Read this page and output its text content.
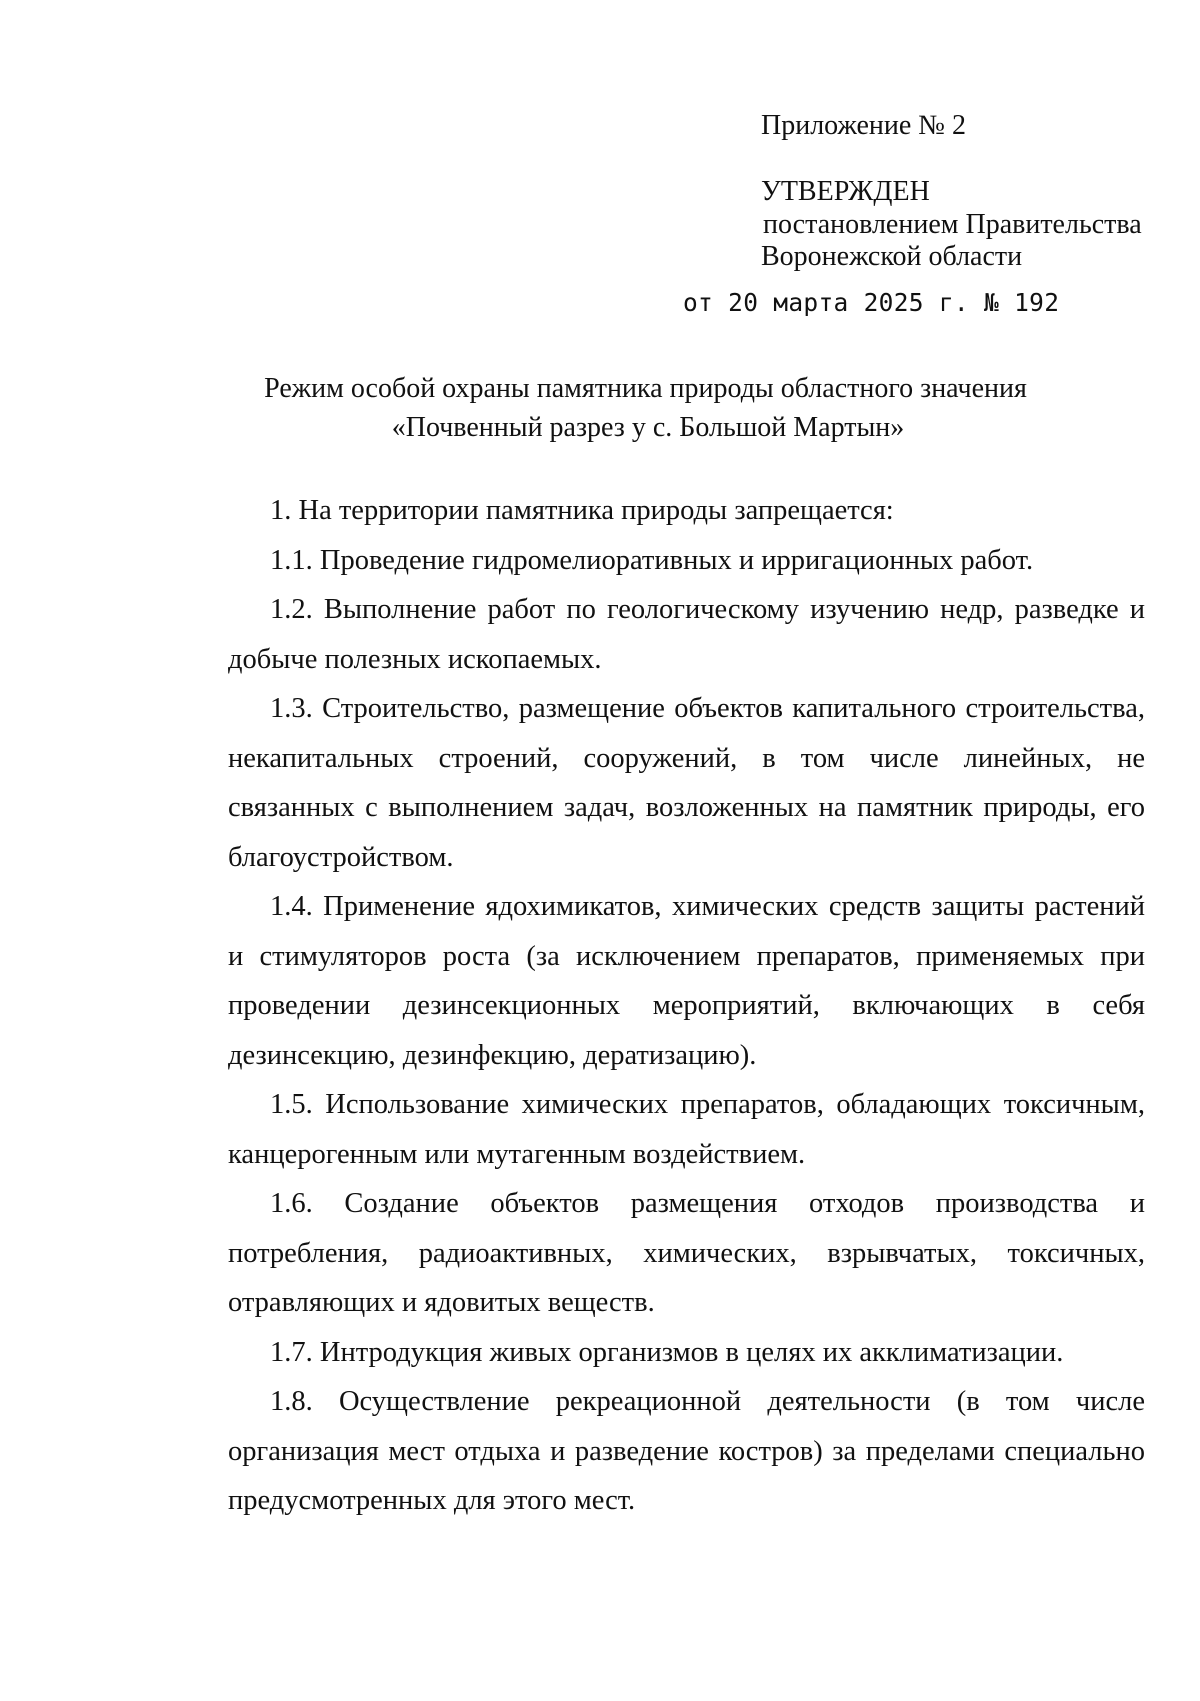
Приложение № 2
УТВЕРЖДЕН
постановлением Правительства
Воронежской области
от 20 марта 2025 г. № 192
Режим особой охраны памятника природы областного значения
«Почвенный разрез у с. Большой Мартын»

1. На территории памятника природы запрещается:

1.1. Проведение гидромелиоративных и ирригационных работ.

1.2. Выполнение работ по геологическому изучению недр, разведке и добыче полезных ископаемых.

1.3. Строительство, размещение объектов капитального строительства, некапитальных строений, сооружений, в том числе линейных, не связанных с выполнением задач, возложенных на памятник природы, его благоустройством.

1.4. Применение ядохимикатов, химических средств защиты растений и стимуляторов роста (за исключением препаратов, применяемых при проведении дезинсекционных мероприятий, включающих в себя дезинсекцию, дезинфекцию, дератизацию).

1.5. Использование химических препаратов, обладающих токсичным, канцерогенным или мутагенным воздействием.

1.6. Создание объектов размещения отходов производства и потребления, радиоактивных, химических, взрывчатых, токсичных, отравляющих и ядовитых веществ.

1.7. Интродукция живых организмов в целях их акклиматизации.

1.8. Осуществление рекреационной деятельности (в том числе организация мест отдыха и разведение костров) за пределами специально предусмотренных для этого мест.
